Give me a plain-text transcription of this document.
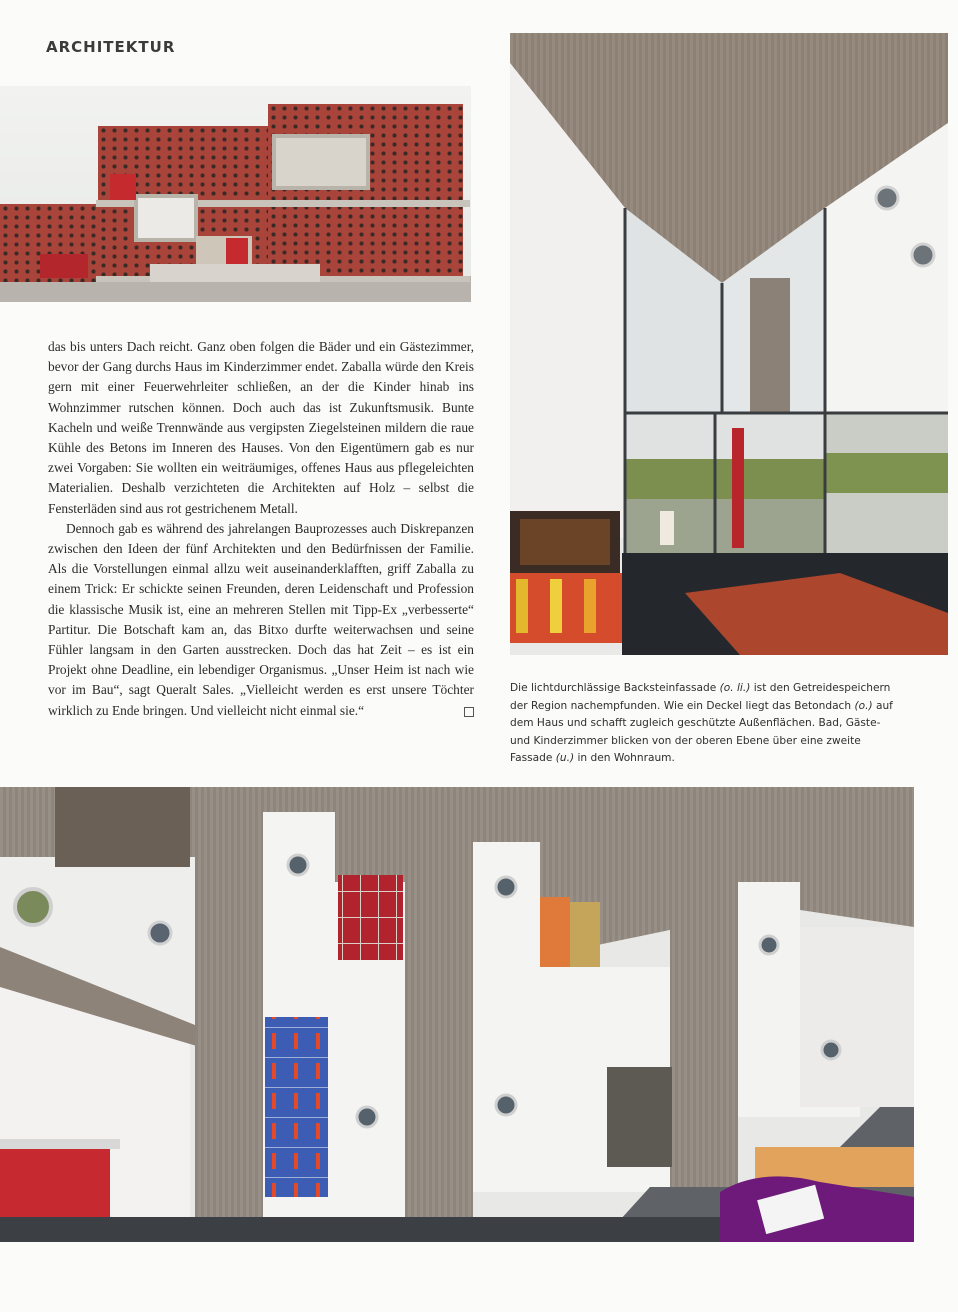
ARCHITEKTUR

das bis unters Dach reicht. Ganz oben folgen die Bäder und ein Gästezimmer, bevor der Gang durchs Haus im Kinderzimmer endet. Zaballa würde den Kreis gern mit einer Feuerwehrleiter schließen, an der die Kinder hinab ins Wohnzimmer rutschen können. Doch auch das ist Zukunftsmusik. Bunte Kacheln und weiße Trennwände aus vergipsten Ziegelsteinen mildern die raue Kühle des Betons im Inneren des Hauses. Von den Eigentümern gab es nur zwei Vorgaben: Sie wollten ein weiträumiges, offenes Haus aus pflegeleichten Materialien. Deshalb verzichteten die Architekten auf Holz – selbst die Fensterläden sind aus rot gestrichenem Metall.

Dennoch gab es während des jahrelangen Bauprozesses auch Diskrepanzen zwischen den Ideen der fünf Architekten und den Bedürfnissen der Familie. Als die Vorstellungen einmal allzu weit auseinanderklafften, griff Zaballa zu einem Trick: Er schickte seinen Freunden, deren Leidenschaft und Profession die klassische Musik ist, eine an mehreren Stellen mit Tipp-Ex „verbesserte“ Partitur. Die Botschaft kam an, das Bitxo durfte weiterwachsen und seine Fühler langsam in den Garten ausstrecken. Doch das hat Zeit – es ist ein Projekt ohne Deadline, ein lebendiger Organismus. „Unser Heim ist nach wie vor im Bau“, sagt Queralt Sales. „Vielleicht werden es erst unsere Töchter wirklich zu Ende bringen. Und vielleicht nicht einmal sie.“

Die lichtdurchlässige Backsteinfassade (o. li.) ist den Getreidespeichern der Region nachempfunden. Wie ein Deckel liegt das Betondach (o.) auf dem Haus und schafft zugleich geschützte Außenflächen. Bad, Gäste- und Kinderzimmer blicken von der oberen Ebene über eine zweite Fassade (u.) in den Wohnraum.
